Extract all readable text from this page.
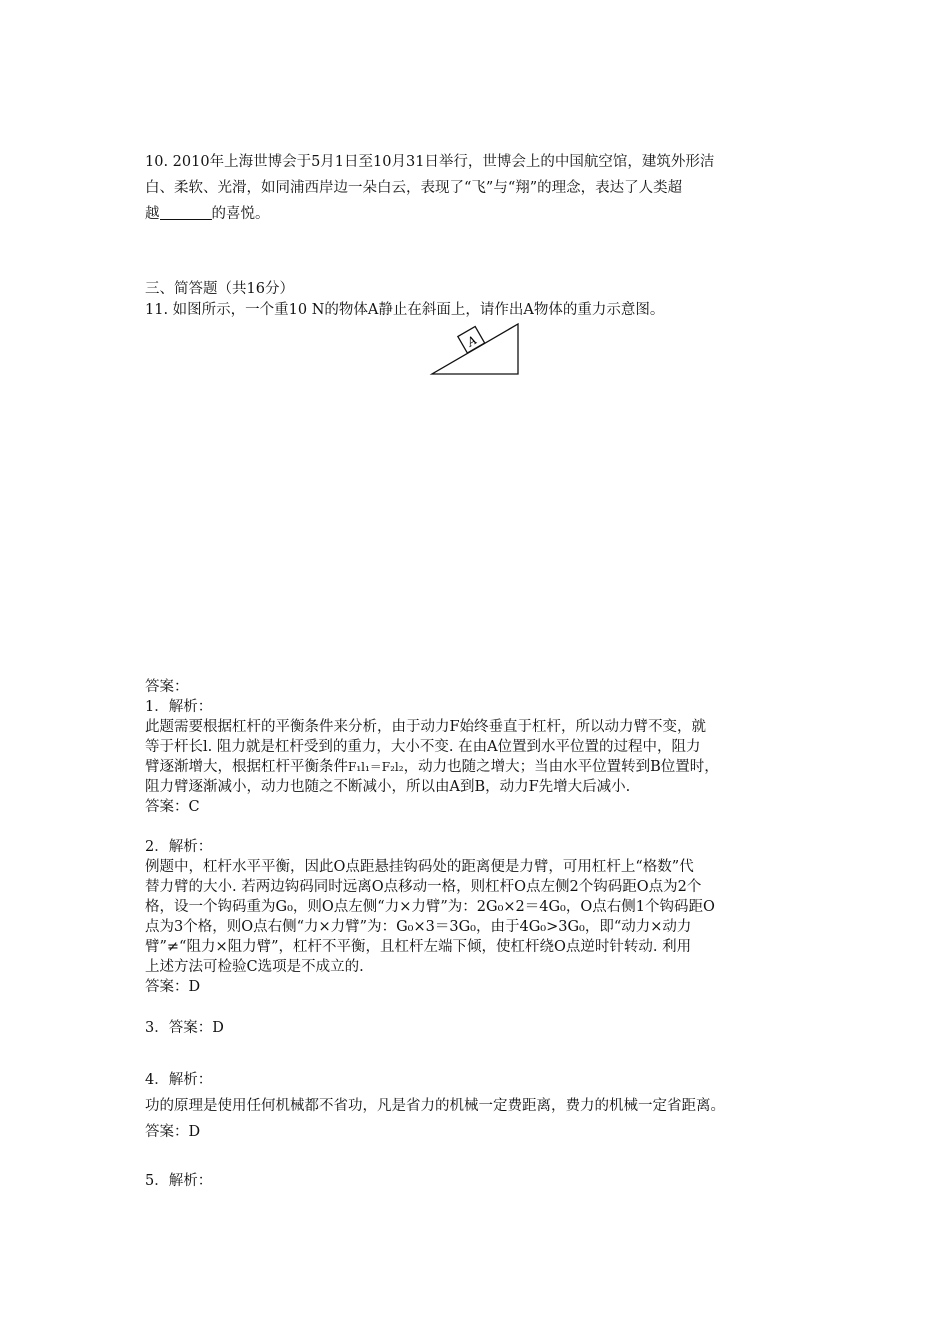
10. 2010年上海世博会于5月1日至10月31日举行，世博会上的中国航空馆，建筑外形洁
白、柔软、光滑，如同浦西岸边一朵白云，表现了“飞”与“翔”的理念，表达了人类超
越	的喜悦。
三、简答题（共16分）
11. 如图所示，一个重10 N的物体A静止在斜面上，请作出A物体的重力示意图。
A
答案：
1．解析：
此题需要根据杠杆的平衡条件来分析，由于动力F始终垂直于杠杆，所以动力臂不变，就
等于杆长l. 阻力就是杠杆受到的重力，大小不变. 在由A位置到水平位置的过程中，阻力
臂逐渐增大，根据杠杆平衡条件F₁l₁＝F₂l₂，动力也随之增大；当由水平位置转到B位置时，
阻力臂逐渐减小，动力也随之不断减小，所以由A到B，动力F先增大后减小.
答案：C
2．解析：
例题中，杠杆水平平衡，因此O点距悬挂钩码处的距离便是力臂，可用杠杆上“格数”代
替力臂的大小. 若两边钩码同时远离O点移动一格，则杠杆O点左侧2个钩码距O点为2个
格，设一个钩码重为G₀，则O点左侧“力×力臂”为：2G₀×2＝4G₀，O点右侧1个钩码距O
点为3个格，则O点右侧“力×力臂”为：G₀×3＝3G₀，由于4G₀>3G₀，即“动力×动力
臂”≠“阻力×阻力臂”，杠杆不平衡，且杠杆左端下倾，使杠杆绕O点逆时针转动. 利用
上述方法可检验C选项是不成立的.
答案：D
3．答案：D
4．解析：
功的原理是使用任何机械都不省功，凡是省力的机械一定费距离，费力的机械一定省距离。
答案：D
5．解析：
